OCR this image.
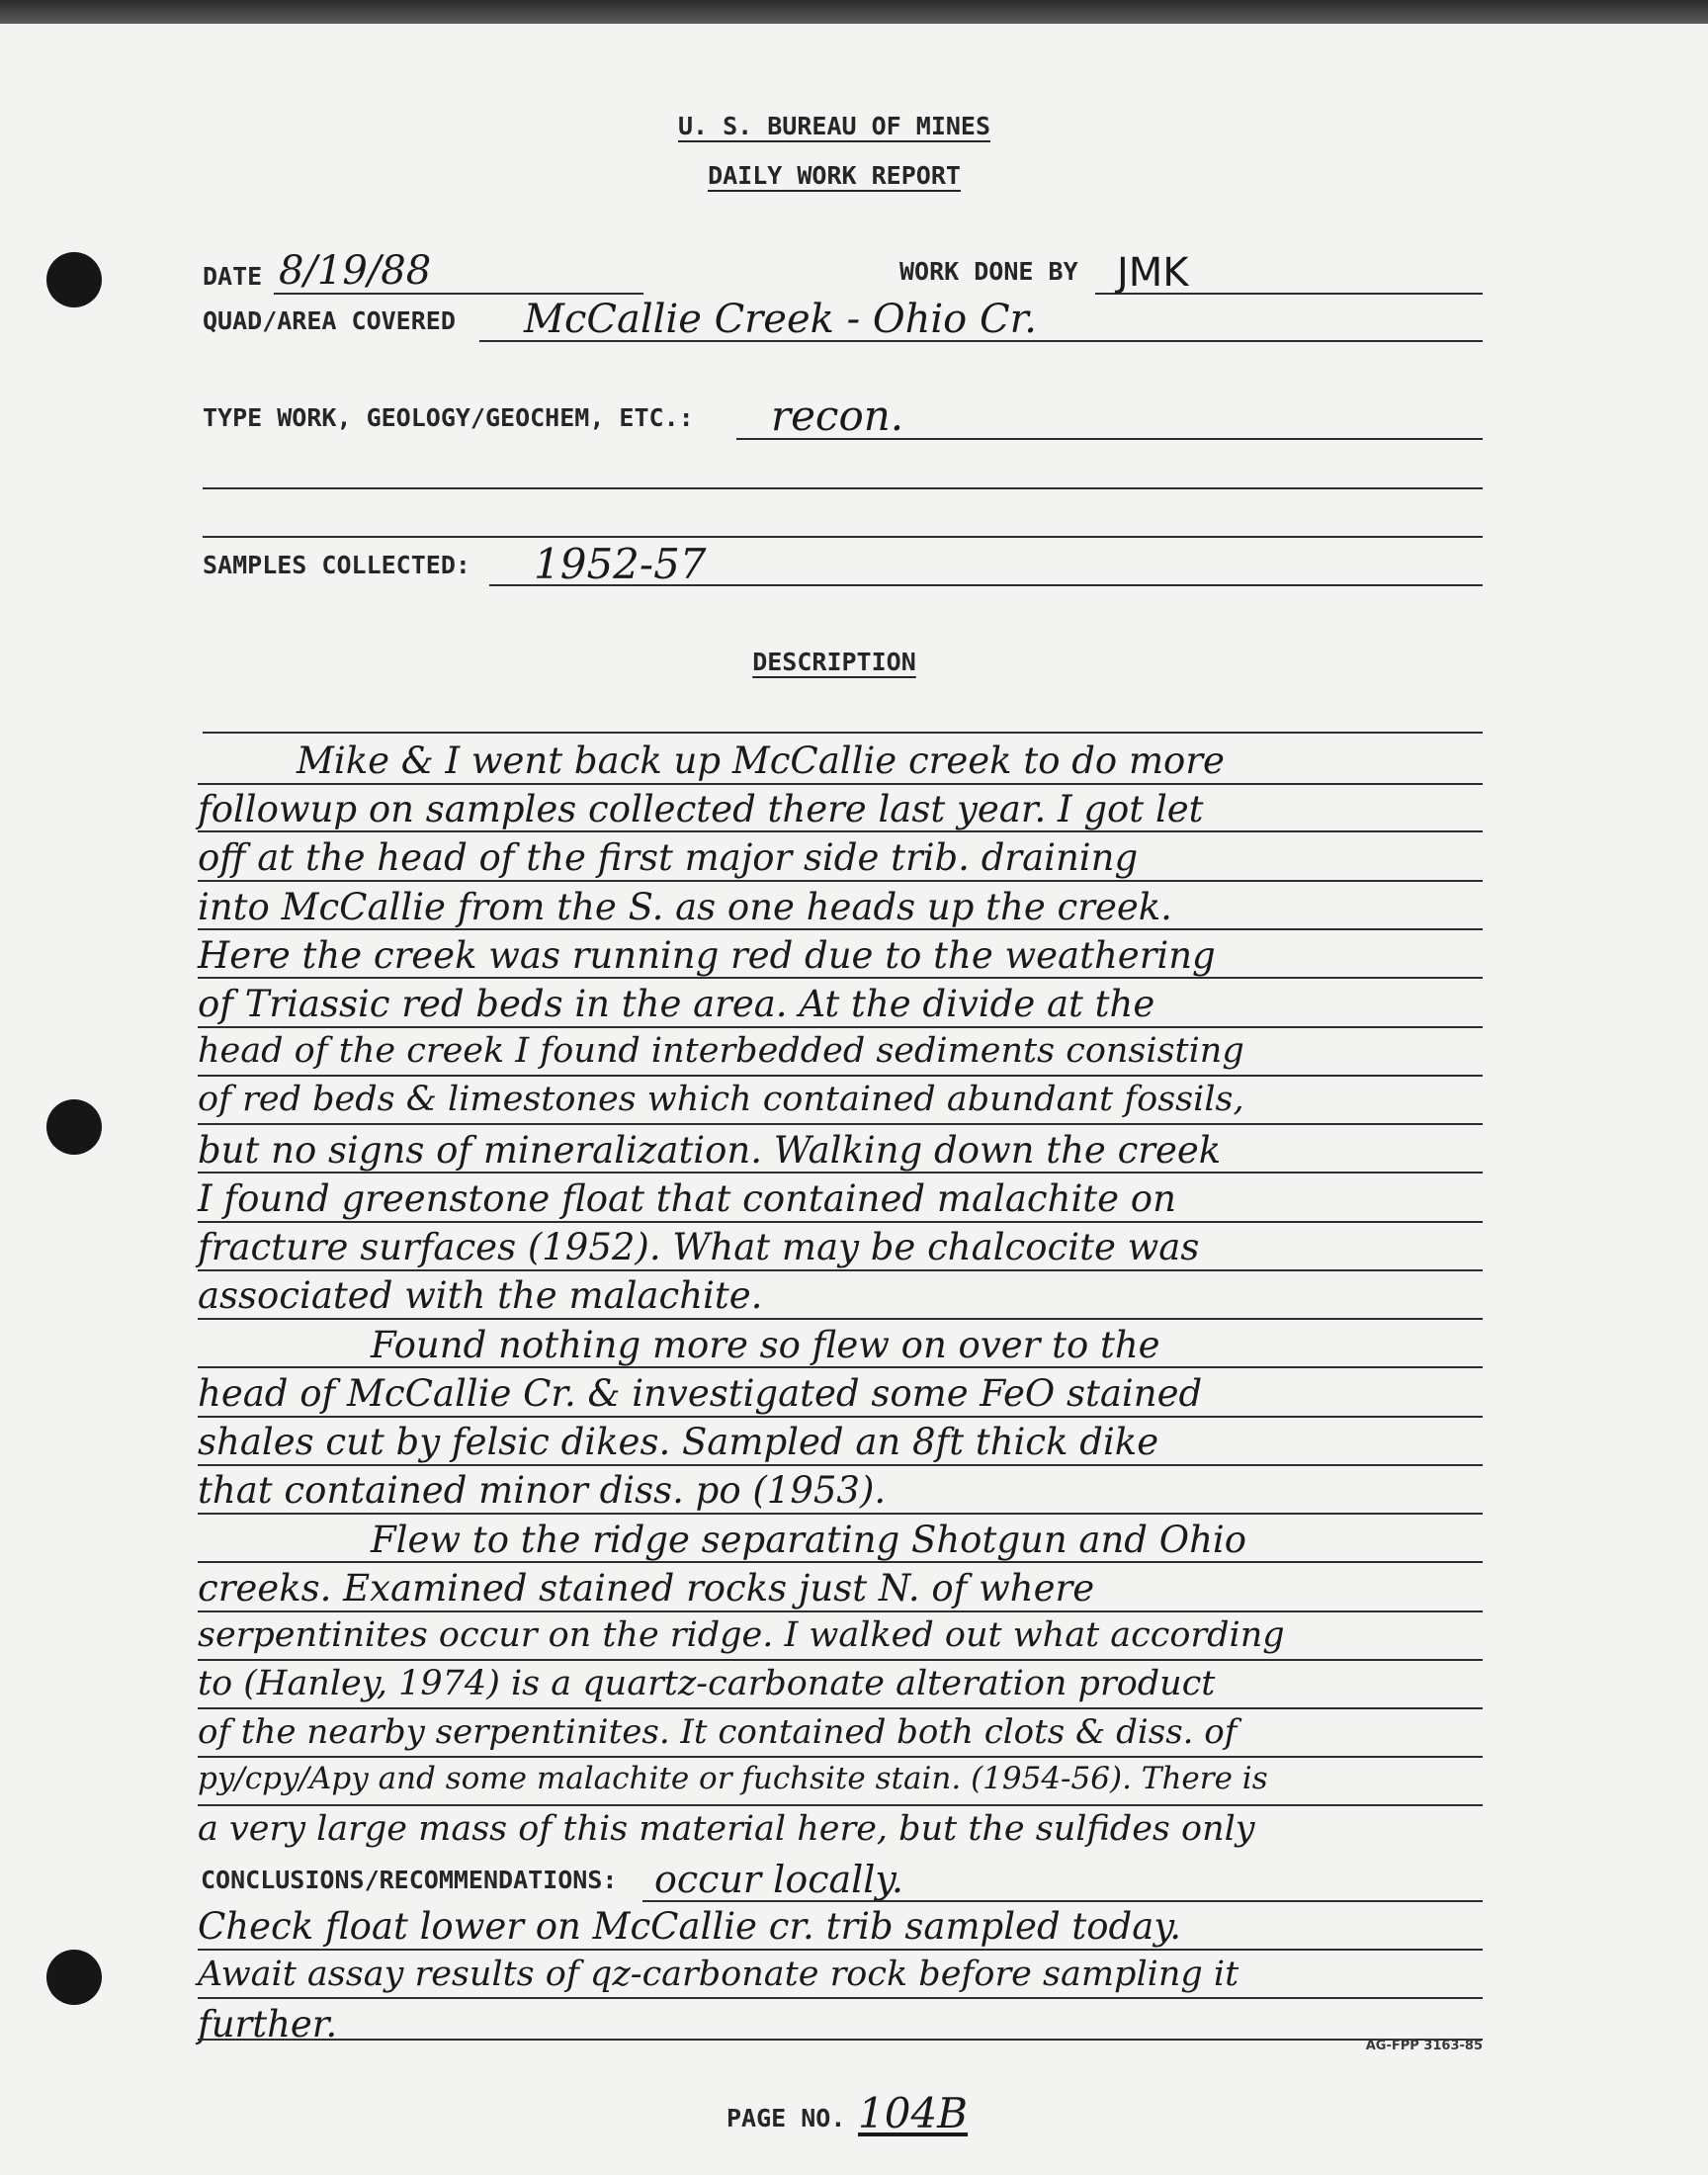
U. S. BUREAU OF MINES
DAILY WORK REPORT
DATE 8/19/88	WORK DONE BY JMK
QUAD/AREA COVERED McCallie Creek - Ohio Cr.
TYPE WORK, GEOLOGY/GEOCHEM, ETC.: recon.
SAMPLES COLLECTED: 1952-57
DESCRIPTION
Mike & I went back up McCallie creek to do more
followup on samples collected there last year. I got let
off at the head of the first major side trib. draining
into McCallie from the S. as one heads up the creek.
Here the creek was running red due to the weathering
of Triassic red beds in the area. At the divide at the
head of the creek I found interbedded sediments consisting
of red beds & limestones which contained abundant fossils,
but no signs of mineralization. Walking down the creek
I found greenstone float that contained malachite on
fracture surfaces (1952). What may be chalcocite was
associated with the malachite.
Found nothing more so flew on over to the
head of McCallie Cr. & investigated some FeO stained
shales cut by felsic dikes. Sampled an 8ft thick dike
that contained minor diss. po (1953).
Flew to the ridge separating Shotgun and Ohio
creeks. Examined stained rocks just N. of where
serpentinites occur on the ridge. I walked out what according
to (Hanley, 1974) is a quartz-carbonate alteration product
of the nearby serpentinites. It contained both clots & diss. of
py/cpy/Apy and some malachite or fuchsite stain. (1954-56). There is
a very large mass of this material here, but the sulfides only
CONCLUSIONS/RECOMMENDATIONS: occur locally.
Check float lower on McCallie cr. trib sampled today.
Await assay results of qz-carbonate rock before sampling it
further.
AG-FPP 3163-85
PAGE NO. 104B
